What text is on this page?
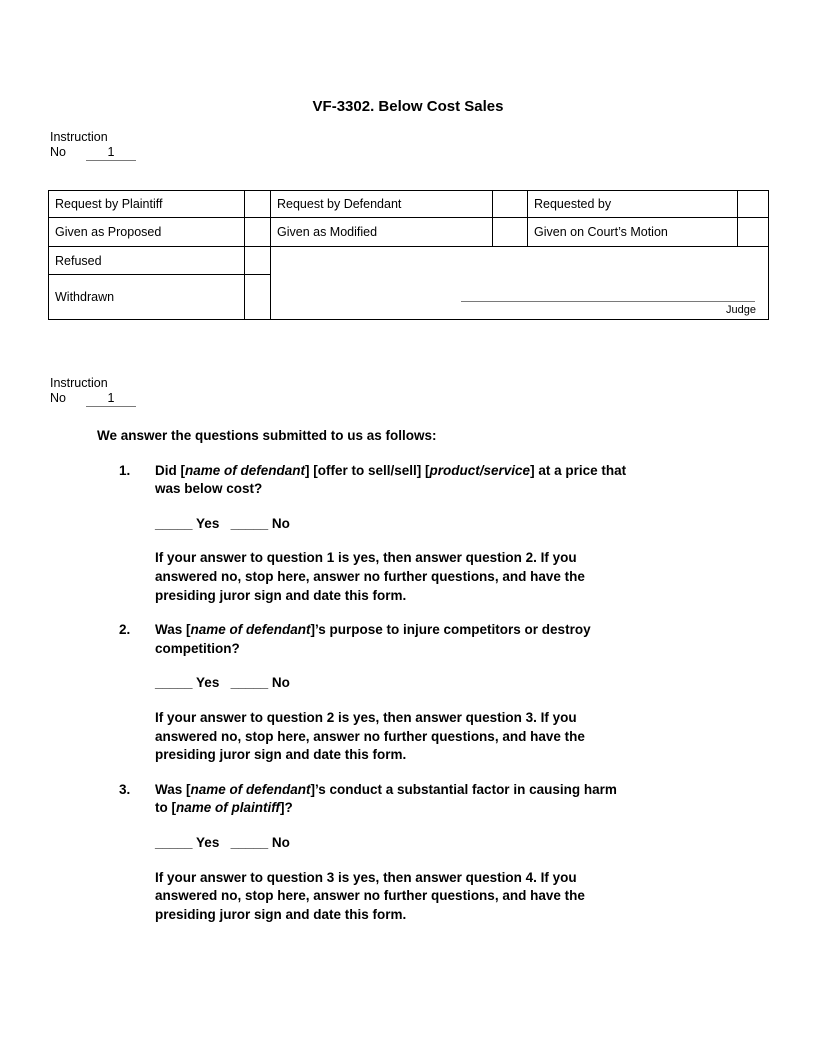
VF-3302. Below Cost Sales
Instruction
No	1
Request by Plaintiff		Request by Defendant		Requested by	
Given as Proposed		Given as Modified		Given on Court’s Motion	
Refused		Judge			

Withdrawn					
Instruction
No	1

We answer the questions submitted to us as follows:

1.	Did [name of defendant] [offer to sell/sell] [product/service] at a price that
was below cost?
_____ Yes   _____ No
If your answer to question 1 is yes, then answer question 2. If you
answered no, stop here, answer no further questions, and have the
presiding juror sign and date this form.
2.	Was [name of defendant]’s purpose to injure competitors or destroy
competition?
_____ Yes   _____ No
If your answer to question 2 is yes, then answer question 3. If you
answered no, stop here, answer no further questions, and have the
presiding juror sign and date this form.
3.	Was [name of defendant]’s conduct a substantial factor in causing harm
to [name of plaintiff]?
_____ Yes   _____ No
If your answer to question 3 is yes, then answer question 4. If you
answered no, stop here, answer no further questions, and have the
presiding juror sign and date this form.
